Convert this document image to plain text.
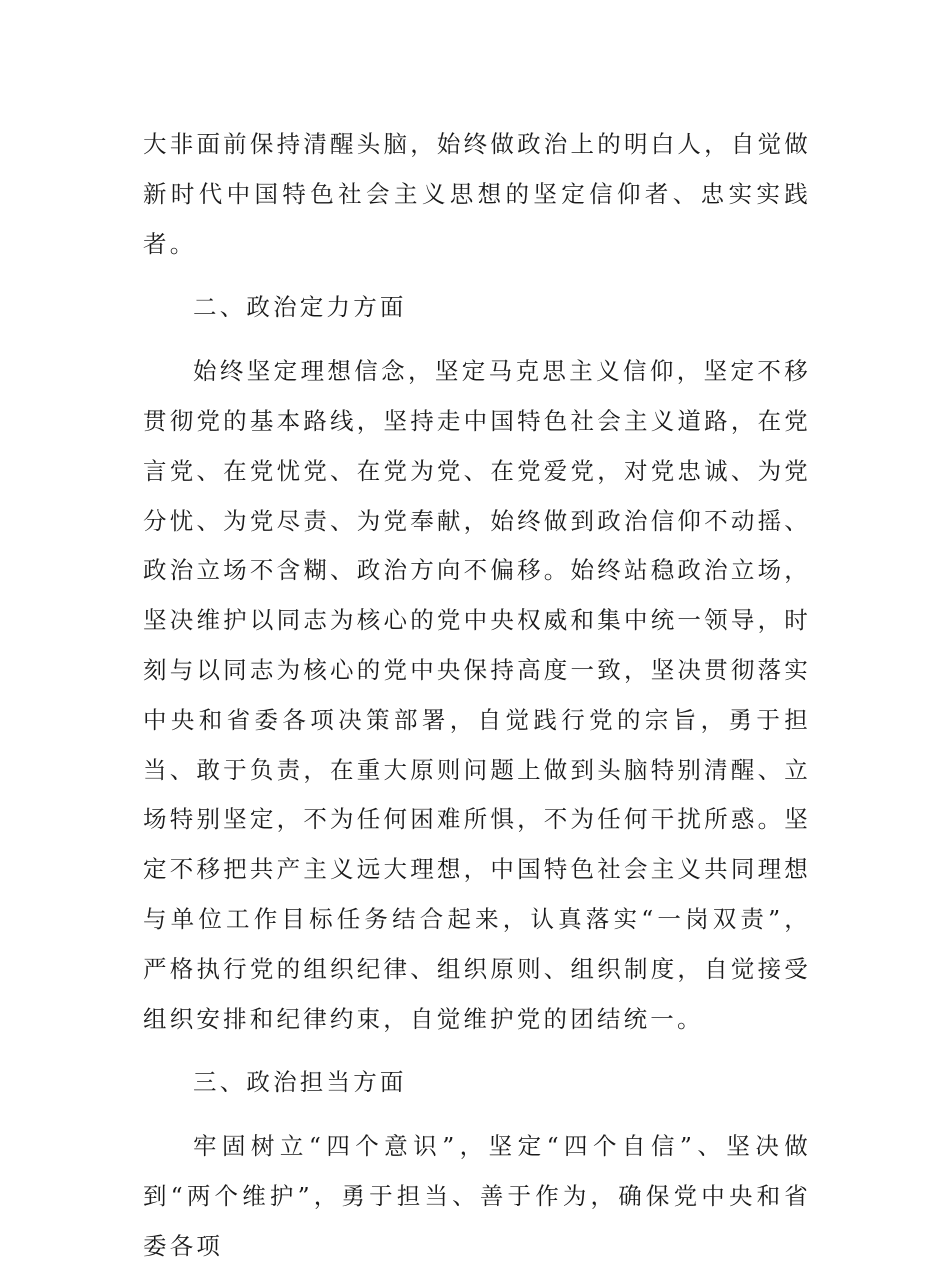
大非面前保持清醒头脑，始终做政治上的明白人，自觉做新时代中国特色社会主义思想的坚定信仰者、忠实实践者。

二、政治定力方面

始终坚定理想信念，坚定马克思主义信仰，坚定不移贯彻党的基本路线，坚持走中国特色社会主义道路，在党言党、在党忧党、在党为党、在党爱党，对党忠诚、为党分忧、为党尽责、为党奉献，始终做到政治信仰不动摇、政治立场不含糊、政治方向不偏移。始终站稳政治立场，坚决维护以同志为核心的党中央权威和集中统一领导，时刻与以同志为核心的党中央保持高度一致，坚决贯彻落实中央和省委各项决策部署，自觉践行党的宗旨，勇于担当、敢于负责，在重大原则问题上做到头脑特别清醒、立场特别坚定，不为任何困难所惧，不为任何干扰所惑。坚定不移把共产主义远大理想，中国特色社会主义共同理想与单位工作目标任务结合起来，认真落实“一岗双责”，严格执行党的组织纪律、组织原则、组织制度，自觉接受组织安排和纪律约束，自觉维护党的团结统一。

三、政治担当方面

牢固树立“四个意识”，坚定“四个自信”、坚决做到“两个维护”，勇于担当、善于作为，确保党中央和省委各项
